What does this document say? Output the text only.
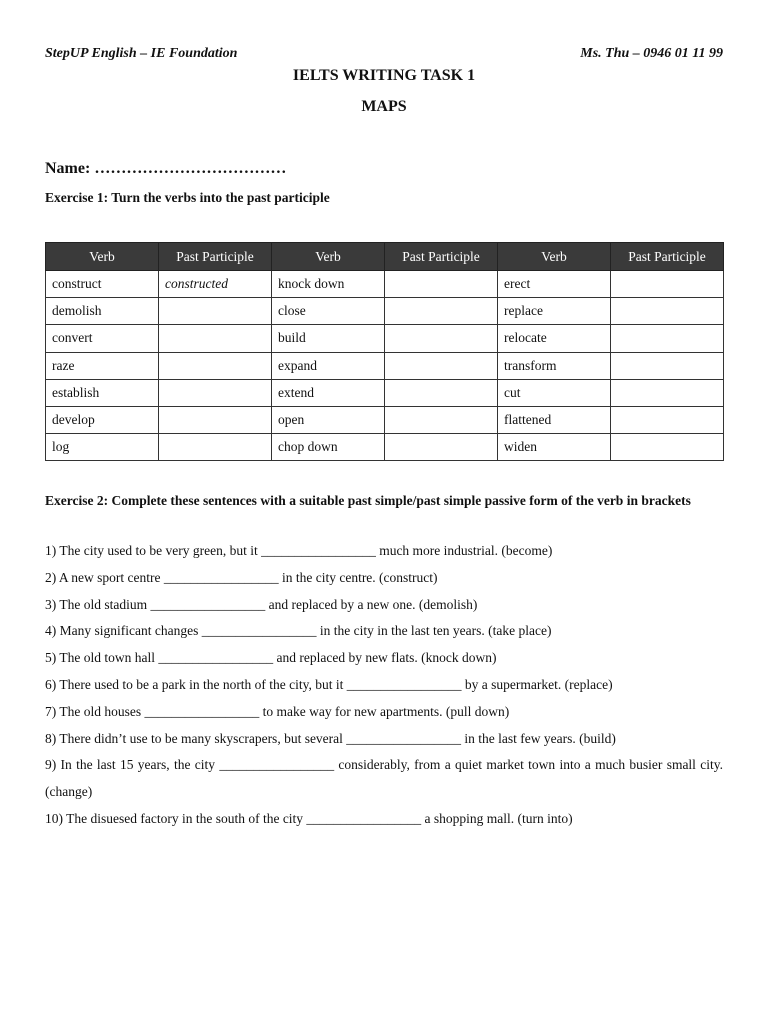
StepUP English – IE Foundation	Ms. Thu – 0946 01 11 99
IELTS WRITING TASK 1
MAPS
Name: ………………………………
Exercise 1: Turn the verbs into the past participle
Verb	Past Participle	Verb	Past Participle	Verb	Past Participle
construct	constructed	knock down		erect	
demolish		close		replace	
convert		build		relocate	
raze		expand		transform	
establish		extend		cut	
develop		open		flattened	
log		chop down		widen	
Exercise 2: Complete these sentences with a suitable past simple/past simple passive form of the verb in brackets

1) The city used to be very green, but it _________________ much more industrial. (become)

2) A new sport centre _________________ in the city centre. (construct)

3) The old stadium _________________ and replaced by a new one. (demolish)

4) Many significant changes _________________ in the city in the last ten years. (take place)

5) The old town hall _________________ and replaced by new flats. (knock down)

6) There used to be a park in the north of the city, but it _________________ by a supermarket. (replace)

7) The old houses _________________ to make way for new apartments. (pull down)

8) There didn’t use to be many skyscrapers, but several _________________ in the last few years. (build)

9) In the last 15 years, the city _________________ considerably, from a quiet market town into a much busier small city. (change)

10) The disuesed factory in the south of the city _________________ a shopping mall. (turn into)
